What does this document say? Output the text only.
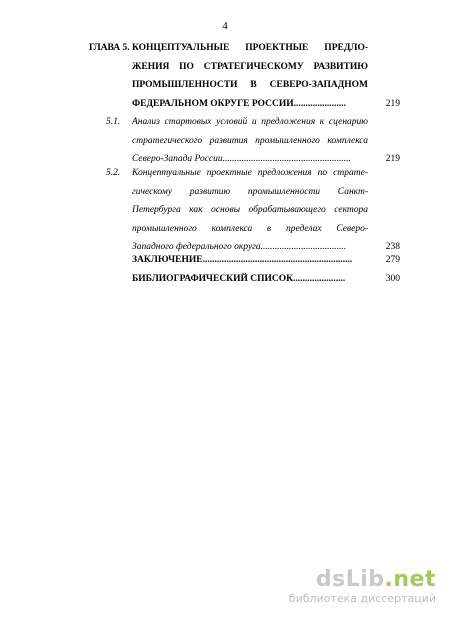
4
ГЛАВА 5. КОНЦЕПТУАЛЬНЫЕ ПРОЕКТНЫЕ ПРЕДЛО-
ЖЕНИЯ ПО СТРАТЕГИЧЕСКОМУ РАЗВИТИЮ
ПРОМЫШЛЕННОСТИ В СЕВЕРО-ЗАПАДНОМ
ФЕДЕРАЛЬНОМ ОКРУГЕ РОССИИ......................	219
5.1. Анализ стартовых условий и предложения к сценарию
стратегического развития промышленного комплекса
Северо-Запада России......................................................	219
5.2. Концептуальные проектные предложения по страте-
гическому развитию промышленности Санкт-
Петербурга как основы обрабатывающего сектора
промышленного комплекса в пределах Северо-
Западного федерального округа....................................	238
ЗАКЛЮЧЕНИЕ...............................................................	279
БИБЛИОГРАФИЧЕСКИЙ СПИСОК......................	300
dsLib.net
библиотека диссертаций
